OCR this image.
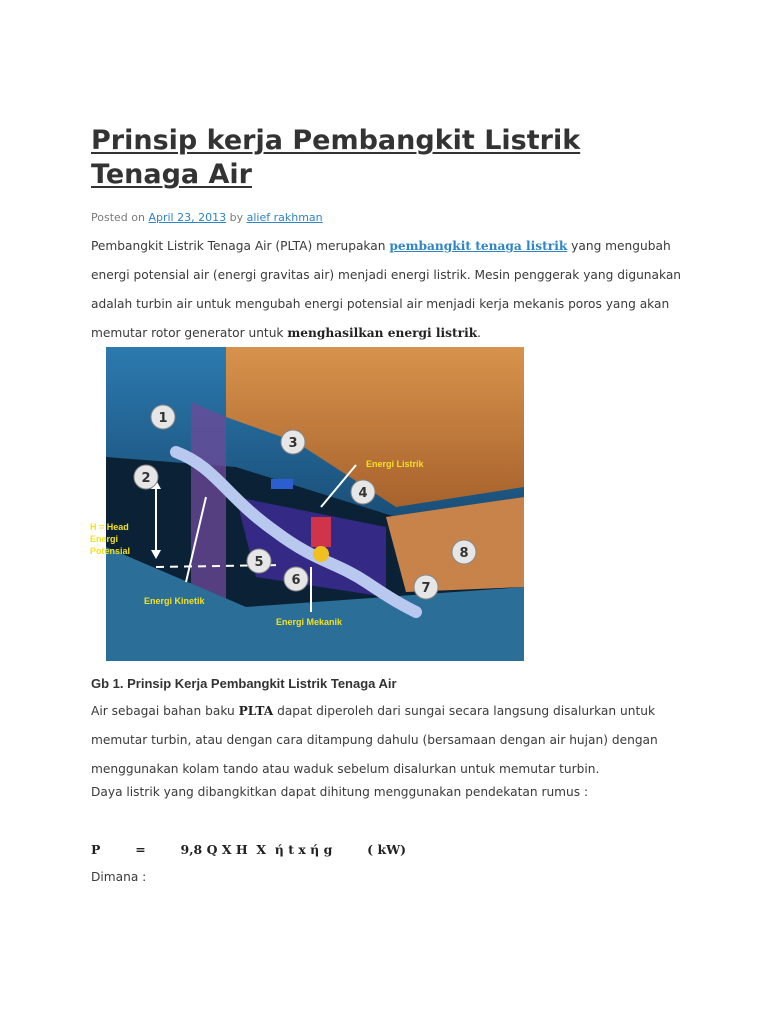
Prinsip kerja Pembangkit Listrik
Tenaga Air
Posted on April 23, 2013 by alief rakhman
Pembangkit Listrik Tenaga Air (PLTA) merupakan pembangkit tenaga listrik yang mengubah
energi potensial air (energi gravitas air) menjadi energi listrik. Mesin penggerak yang digunakan
adalah turbin air untuk mengubah energi potensial air menjadi kerja mekanis poros yang akan
memutar rotor generator untuk menghasilkan energi listrik.
Gb 1. Prinsip Kerja Pembangkit Listrik Tenaga Air
Air sebagai bahan baku PLTA dapat diperoleh dari sungai secara langsung disalurkan untuk
memutar turbin, atau dengan cara ditampung dahulu (bersamaan dengan air hujan) dengan
menggunakan kolam tando atau waduk sebelum disalurkan untuk memutar turbin.
Daya listrik yang dibangkitkan dapat dihitung menggunakan pendekatan rumus :
P        =        9,8 Q X H  X  ή t x ή g        ( kW)
Dimana :
1
2
3
4
5
6
7
8
Energi Listrik
H = Head
Energi
Potensial
Energi Kinetik
Energi Mekanik
